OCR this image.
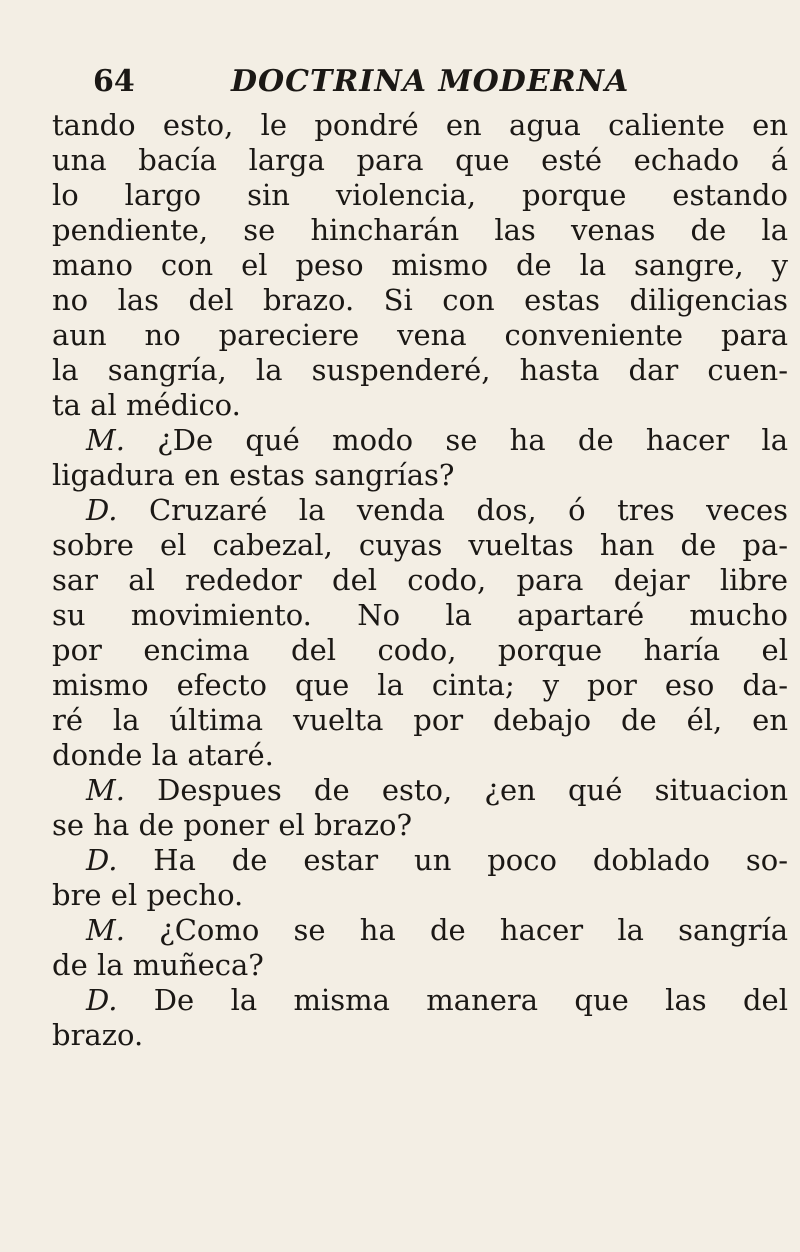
64	DOCTRINA MODERNA
tando esto, le pondré en agua caliente en
una bacía larga para que esté echado á
lo largo sin violencia, porque estando
pendiente, se hincharán las venas de la
mano con el peso mismo de la sangre, y
no las del brazo. Si con estas diligencias
aun no pareciere vena conveniente para
la sangría, la suspenderé, hasta dar cuen-
ta al médico.
M. ¿De qué modo se ha de hacer la
ligadura en estas sangrías?
D. Cruzaré la venda dos, ó tres veces
sobre el cabezal, cuyas vueltas han de pa-
sar al rededor del codo, para dejar libre
su movimiento. No la apartaré mucho
por encima del codo, porque haría el
mismo efecto que la cinta; y por eso da-
ré la última vuelta por debajo de él, en
donde la ataré.
M. Despues de esto, ¿en qué situacion
se ha de poner el brazo?
D. Ha de estar un poco doblado so-
bre el pecho.
M. ¿Como se ha de hacer la sangría
de la muñeca?
D. De la misma manera que las del
brazo.
